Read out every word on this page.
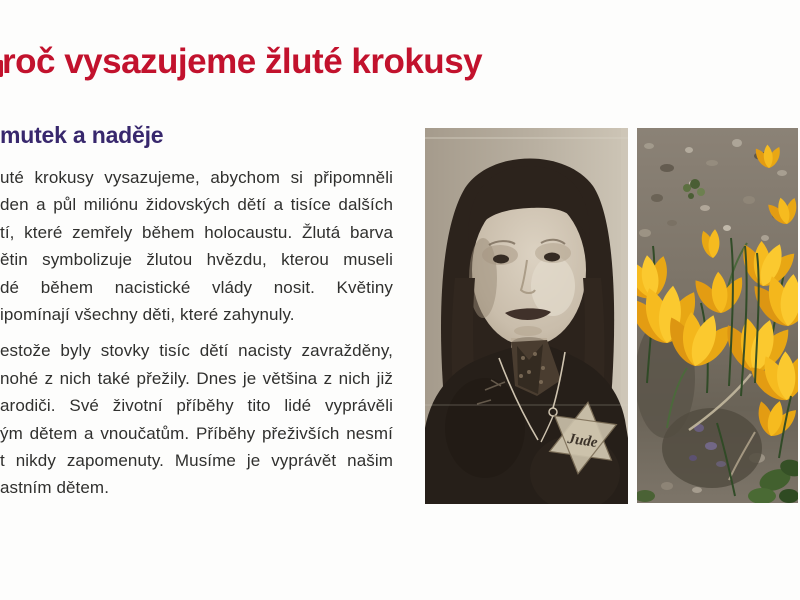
roč vysazujeme žluté krokusy
mutek a naděje
uté krokusy vysazujeme, abychom si připomněli
den a půl miliónu židovských dětí a tisíce dalších
tí, které zemřely během holocaustu. Žlutá barva
ětin symbolizuje žlutou hvězdu, kterou museli
dé během nacistické vlády nosit. Květiny
ipomínají všechny děti, které zahynuly.
estože byly stovky tisíc dětí nacisty zavražděny,
nohé z nich také přežily. Dnes je většina z nich již
arodiči. Své životní příběhy tito lidé vyprávěli
ým dětem a vnoučatům. Příběhy přeživších nesmí
t nikdy zapomenuty. Musíme je vyprávět našim
astním dětem.
Jude
